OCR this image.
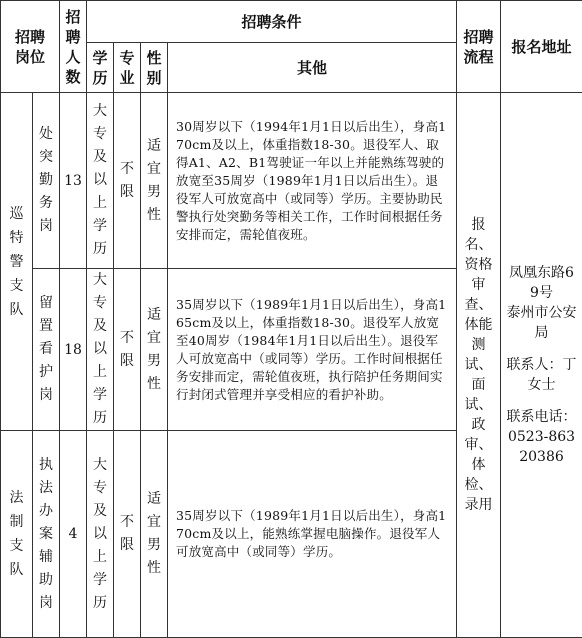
招聘岗位		招聘人数	招聘条件				招聘流程	报名地址

			学历	专业	性别	其他		

巡特警支队	处突勤务岗	13	大专及以上学历	不限	适宜男性	30周岁以下（1994年1月1日以后出生），身高170cm及以上，体重指数18-30。退役军人、取得A1、A2、B1驾驶证一年以上并能熟练驾驶的放宽至35周岁（1989年1月1日以后出生）。退役军人可放宽高中（或同等）学历。主要协助民警执行处突勤务等相关工作，工作时间根据任务安排而定，需轮值夜班。	报名、资格审查、体能测试、面试、政审、体检、录用	凤凰东路69号
泰州市公安局
联系人：丁女士
联系电话：
0523-86320386

	留置看护岗	18	大专及以上学历	不限	适宜男性	35周岁以下（1989年1月1日以后出生），身高165cm及以上，体重指数18-30。退役军人放宽至40周岁（1984年1月1日以后出生）。退役军人可放宽高中（或同等）学历。工作时间根据任务安排而定，需轮值夜班，执行陪护任务期间实行封闭式管理并享受相应的看护补助。		

法制支队	执法办案辅助岗	4	大专及以上学历	不限	适宜男性	35周岁以下（1989年1月1日以后出生），身高170cm及以上，能熟练掌握电脑操作。退役军人可放宽高中（或同等）学历。		
